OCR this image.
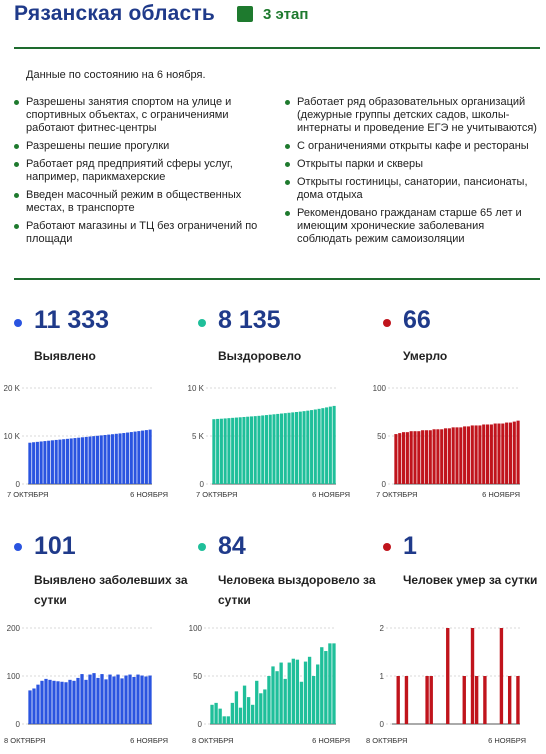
Рязанская область	3 этап
Данные по состоянию на 6 ноября.
Разрешены занятия спортом на улице и спортивных объектах, с ограничениями работают фитнес-центры
Разрешены пешие прогулки
Работает ряд предприятий сферы услуг, например, парикмахерские
Введен масочный режим в общественных местах, в транспорте
Работают магазины и ТЦ без ограничений по площади
Работает ряд образовательных организаций (дежурные группы детских садов, школы-интернаты и проведение ЕГЭ не учитываются)
С ограничениями открыты кафе и рестораны
Открыты парки и скверы
Открыты гостиницы, санатории, пансионаты, дома отдыха
Рекомендовано гражданам старше 65 лет и имеющим хронические заболевания соблюдать режим самоизоляции
11 333
Выявлено
8 135
Выздоровело
66
Умерло
101
Выявлено заболевших за сутки
84
Человека выздоровело за сутки
1
Человек умер за сутки
0
10 K
20 K
7 ОКТЯБРЯ	6 НОЯБРЯ
0
5 K
10 K
7 ОКТЯБРЯ	6 НОЯБРЯ
0
50
100
7 ОКТЯБРЯ	6 НОЯБРЯ
0
100
200
8 ОКТЯБРЯ	6 НОЯБРЯ
0
50
100
8 ОКТЯБРЯ	6 НОЯБРЯ
0
1
2
8 ОКТЯБРЯ	6 НОЯБРЯ
